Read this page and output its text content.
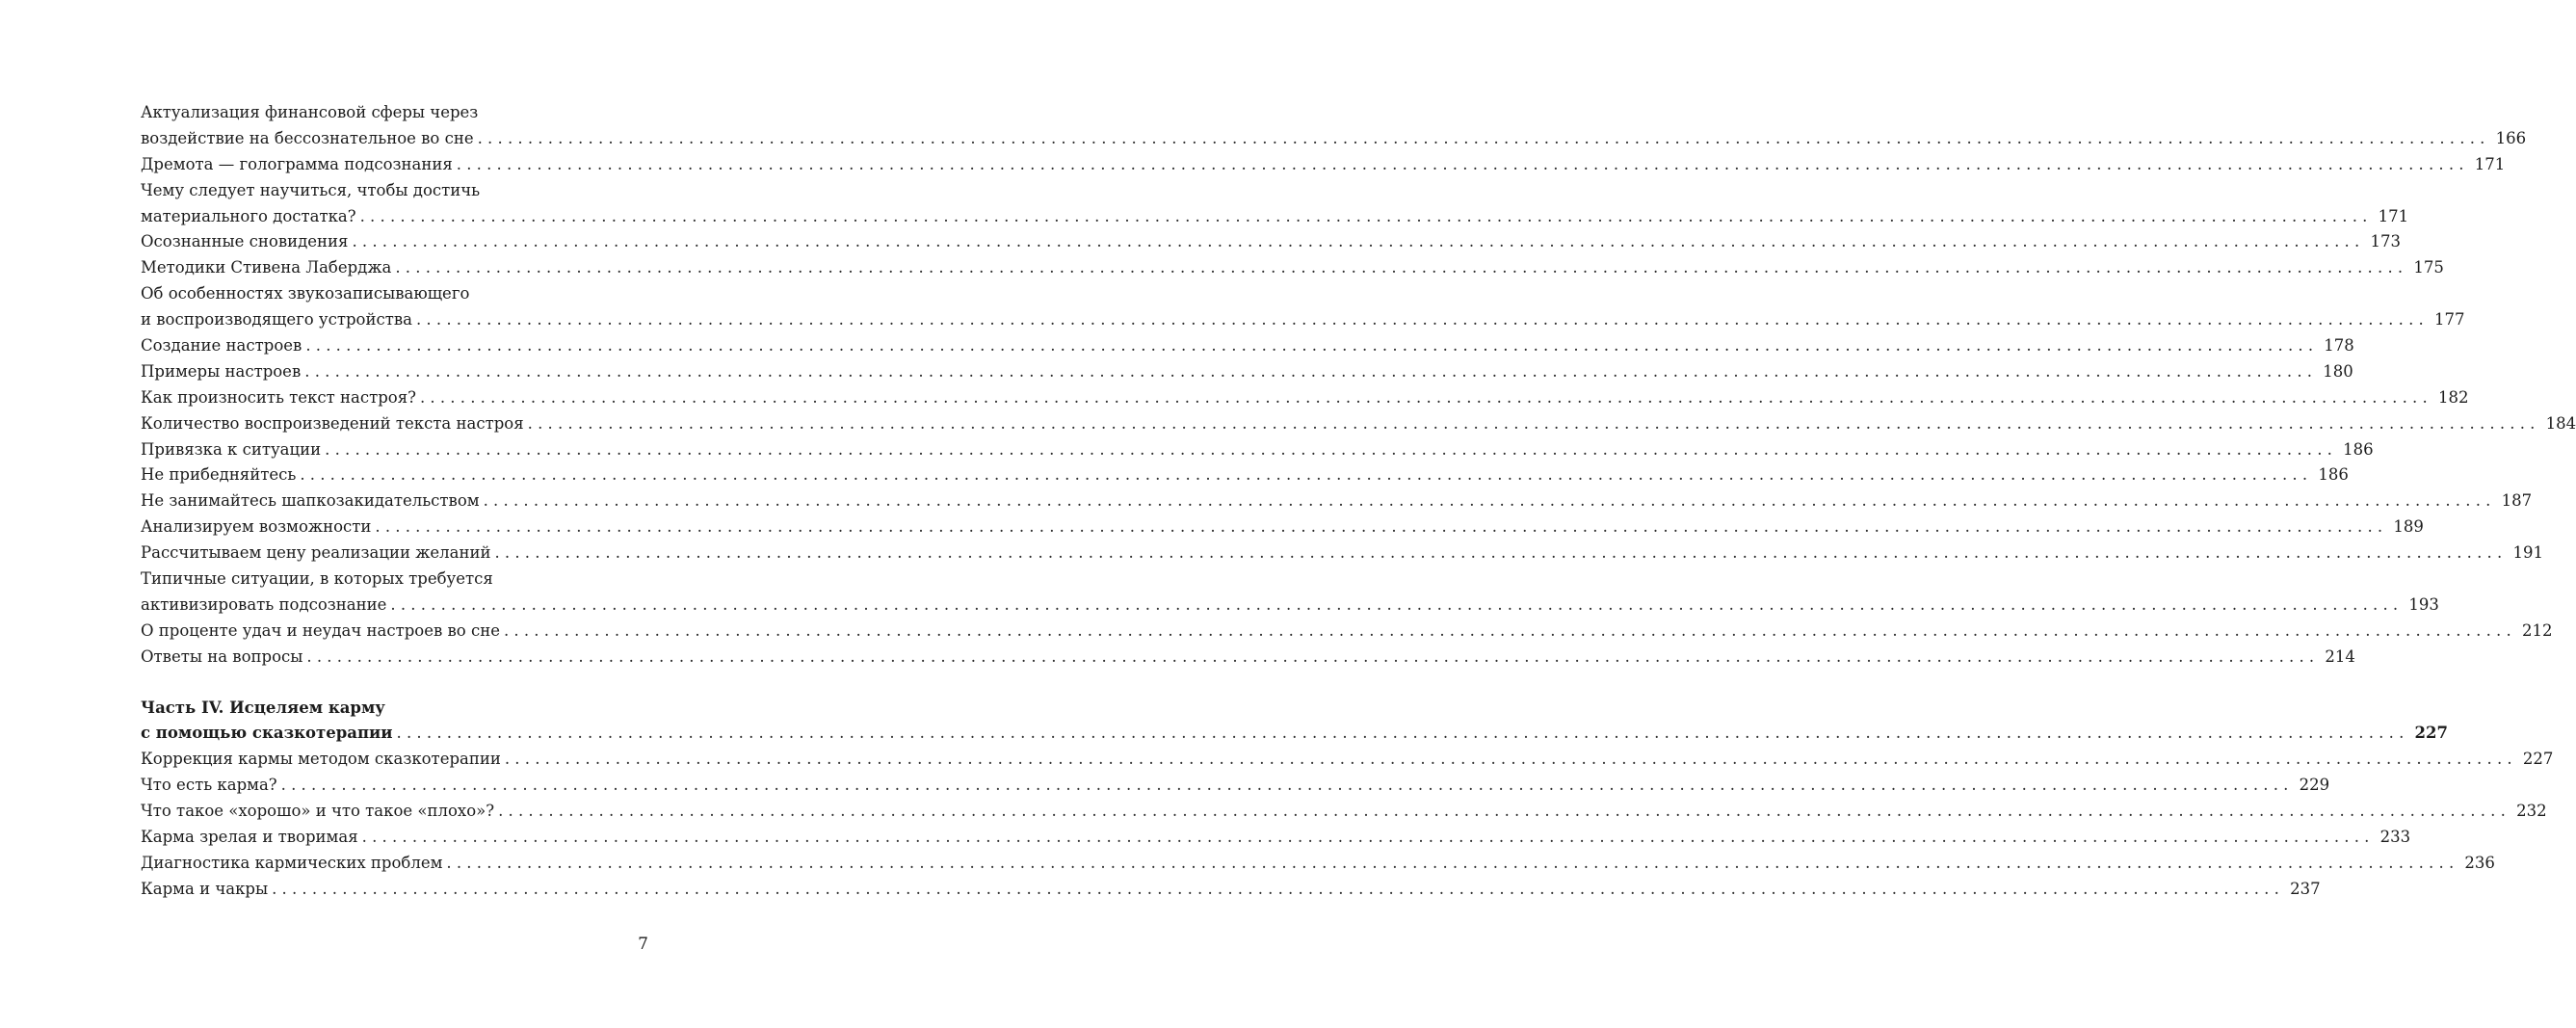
Актуализация финансовой сферы через
воздействие на бессознательное во сне ........................................................................................................................................................................................................ 166
Дремота — голограмма подсознания ........................................................................................................................................................................................................ 171
Чему следует научиться, чтобы достичь
материального достатка? ........................................................................................................................................................................................................ 171
Осознанные сновидения ........................................................................................................................................................................................................ 173
Методики Стивена Лаберджа ........................................................................................................................................................................................................ 175
Об особенностях звукозаписывающего
и воспроизводящего устройства ........................................................................................................................................................................................................ 177
Создание настроев ........................................................................................................................................................................................................ 178
Примеры настроев ........................................................................................................................................................................................................ 180
Как произносить текст настроя? ........................................................................................................................................................................................................ 182
Количество воспроизведений текста настроя ........................................................................................................................................................................................................ 184
Привязка к ситуации ........................................................................................................................................................................................................ 186
Не прибедняйтесь ........................................................................................................................................................................................................ 186
Не занимайтесь шапкозакидательством ........................................................................................................................................................................................................ 187
Анализируем возможности ........................................................................................................................................................................................................ 189
Рассчитываем цену реализации желаний ........................................................................................................................................................................................................ 191
Типичные ситуации, в которых требуется
активизировать подсознание ........................................................................................................................................................................................................ 193
О проценте удач и неудач настроев во сне ........................................................................................................................................................................................................ 212
Ответы на вопросы ........................................................................................................................................................................................................ 214
Часть IV. Исцеляем карму
с помощью сказкотерапии ........................................................................................................................................................................................................ 227
Коррекция кармы методом сказкотерапии ........................................................................................................................................................................................................ 227
Что есть карма? ........................................................................................................................................................................................................ 229
Что такое «хорошо» и что такое «плохо»? ........................................................................................................................................................................................................ 232
Карма зрелая и творимая ........................................................................................................................................................................................................ 233
Диагностика кармических проблем ........................................................................................................................................................................................................ 236
Карма и чакры ........................................................................................................................................................................................................ 237
7
